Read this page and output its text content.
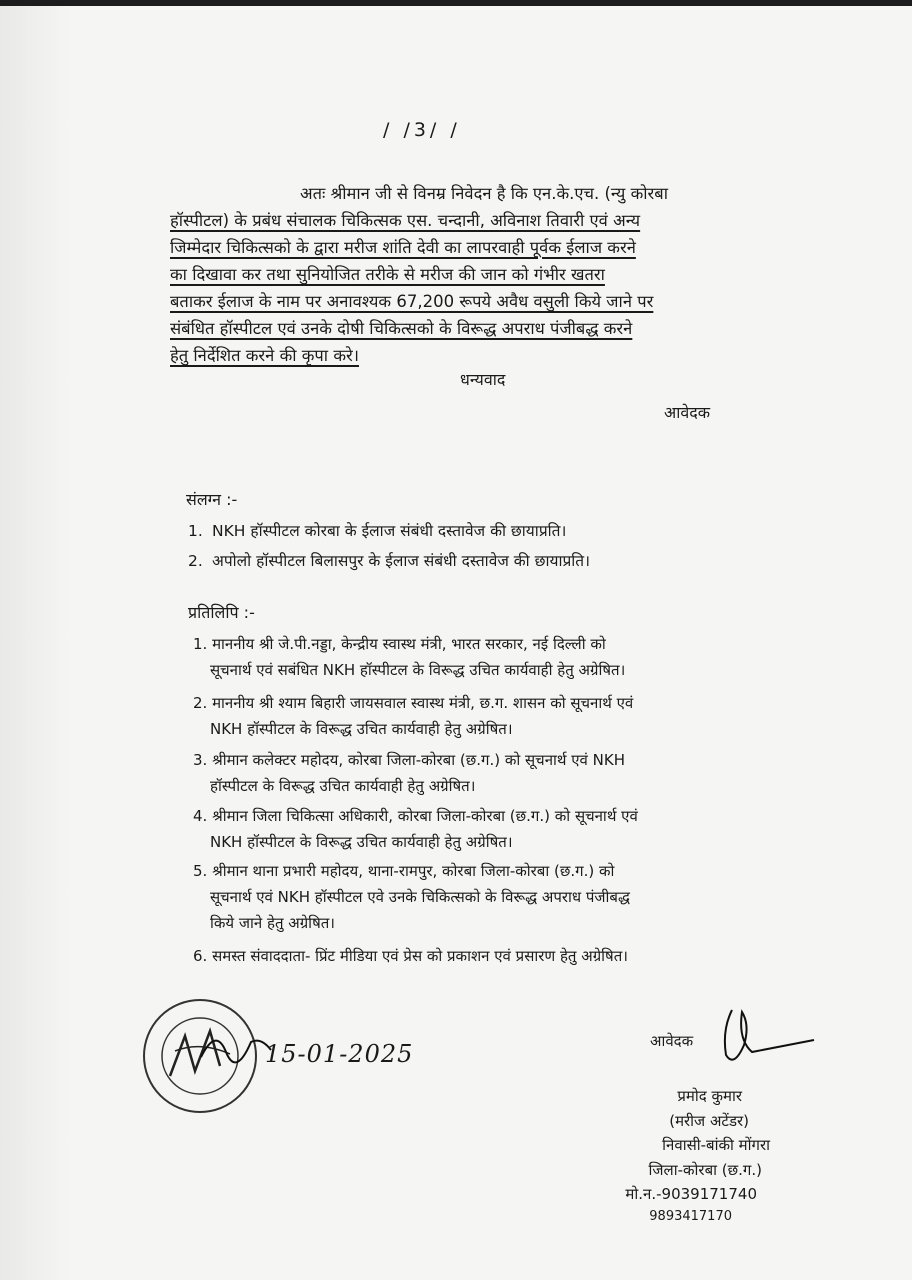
/ /3/ /
अतः श्रीमान जी से विनम्र निवेदन है कि एन.के.एच. (न्यु कोरबा
हॉस्पीटल) के प्रबंध संचालक चिकित्सक एस. चन्दानी, अविनाश तिवारी एवं अन्य
जिम्मेदार चिकित्सको के द्वारा मरीज शांति देवी का लापरवाही पूर्वक ईलाज करने
का दिखावा कर तथा सुनियोजित तरीके से मरीज की जान को गंभीर खतरा
बताकर ईलाज के नाम पर अनावश्यक 67,200 रूपये अवैध वसुली किये जाने पर
संबंधित हॉस्पीटल एवं उनके दोषी चिकित्सको के विरूद्ध अपराध पंजीबद्ध करने
हेतु निर्देशित करने की कृपा करे।
धन्यवाद
आवेदक
संलग्न :-
1. NKH हॉस्पीटल कोरबा के ईलाज संबंधी दस्तावेज की छायाप्रति।
2. अपोलो हॉस्पीटल बिलासपुर के ईलाज संबंधी दस्तावेज की छायाप्रति।
प्रतिलिपि :-
1. माननीय श्री जे.पी.नड्डा, केन्द्रीय स्वास्थ मंत्री, भारत सरकार, नई दिल्ली को
सूचनार्थ एवं सबंधित NKH हॉस्पीटल के विरूद्ध उचित कार्यवाही हेतु अग्रेषित।
2. माननीय श्री श्याम बिहारी जायसवाल स्वास्थ मंत्री, छ.ग. शासन को सूचनार्थ एवं
NKH हॉस्पीटल के विरूद्ध उचित कार्यवाही हेतु अग्रेषित।
3. श्रीमान कलेक्टर महोदय, कोरबा जिला-कोरबा (छ.ग.) को सूचनार्थ एवं NKH
हॉस्पीटल के विरूद्ध उचित कार्यवाही हेतु अग्रेषित।
4. श्रीमान जिला चिकित्सा अधिकारी, कोरबा जिला-कोरबा (छ.ग.) को सूचनार्थ एवं
NKH हॉस्पीटल के विरूद्ध उचित कार्यवाही हेतु अग्रेषित।
5. श्रीमान थाना प्रभारी महोदय, थाना-रामपुर, कोरबा जिला-कोरबा (छ.ग.) को
सूचनार्थ एवं NKH हॉस्पीटल एवे उनके चिकित्सको के विरूद्ध अपराध पंजीबद्ध
किये जाने हेतु अग्रेषित।
6. समस्त संवाददाता- प्रिंट मीडिया एवं प्रेस को प्रकाशन एवं प्रसारण हेतु अग्रेषित।
15-01-2025	आवेदक
प्रमोद कुमार
(मरीज अटेंडर)
निवासी-बांकी मोंगरा
जिला-कोरबा (छ.ग.)
मो.न.-9039171740
9893417170
